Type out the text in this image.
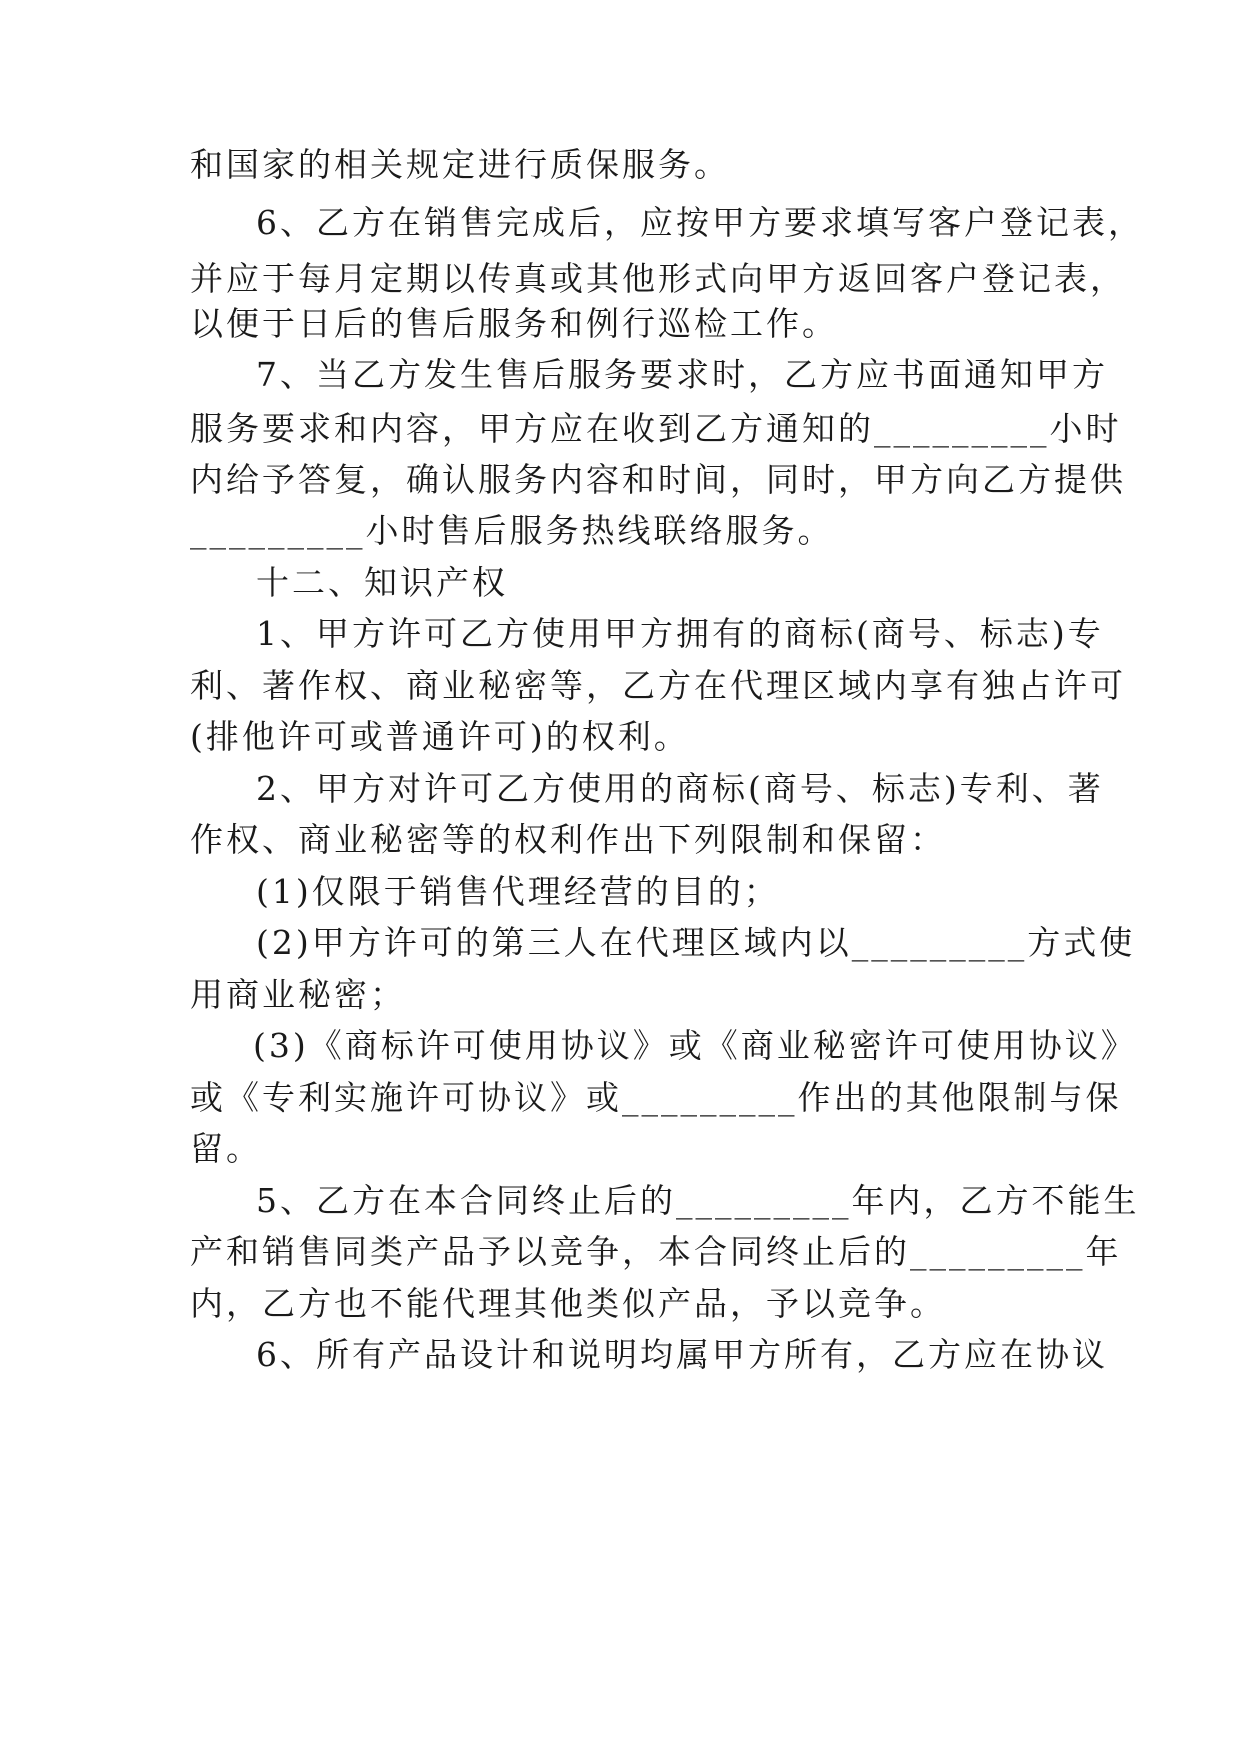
和国家的相关规定进行质保服务。
6、乙方在销售完成后，应按甲方要求填写客户登记表，
并应于每月定期以传真或其他形式向甲方返回客户登记表，
以便于日后的售后服务和例行巡检工作。
7、当乙方发生售后服务要求时，乙方应书面通知甲方
服务要求和内容，甲方应在收到乙方通知的_________小时
内给予答复，确认服务内容和时间，同时，甲方向乙方提供
_________小时售后服务热线联络服务。
十二、知识产权
1、甲方许可乙方使用甲方拥有的商标(商号、标志)专
利、著作权、商业秘密等，乙方在代理区域内享有独占许可
(排他许可或普通许可)的权利。
2、甲方对许可乙方使用的商标(商号、标志)专利、著
作权、商业秘密等的权利作出下列限制和保留：
(1)仅限于销售代理经营的目的；
(2)甲方许可的第三人在代理区域内以_________方式使
用商业秘密；
(3)《商标许可使用协议》或《商业秘密许可使用协议》
或《专利实施许可协议》或_________作出的其他限制与保
留。
5、乙方在本合同终止后的_________年内，乙方不能生
产和销售同类产品予以竞争，本合同终止后的_________年
内，乙方也不能代理其他类似产品，予以竞争。
6、所有产品设计和说明均属甲方所有，乙方应在协议
